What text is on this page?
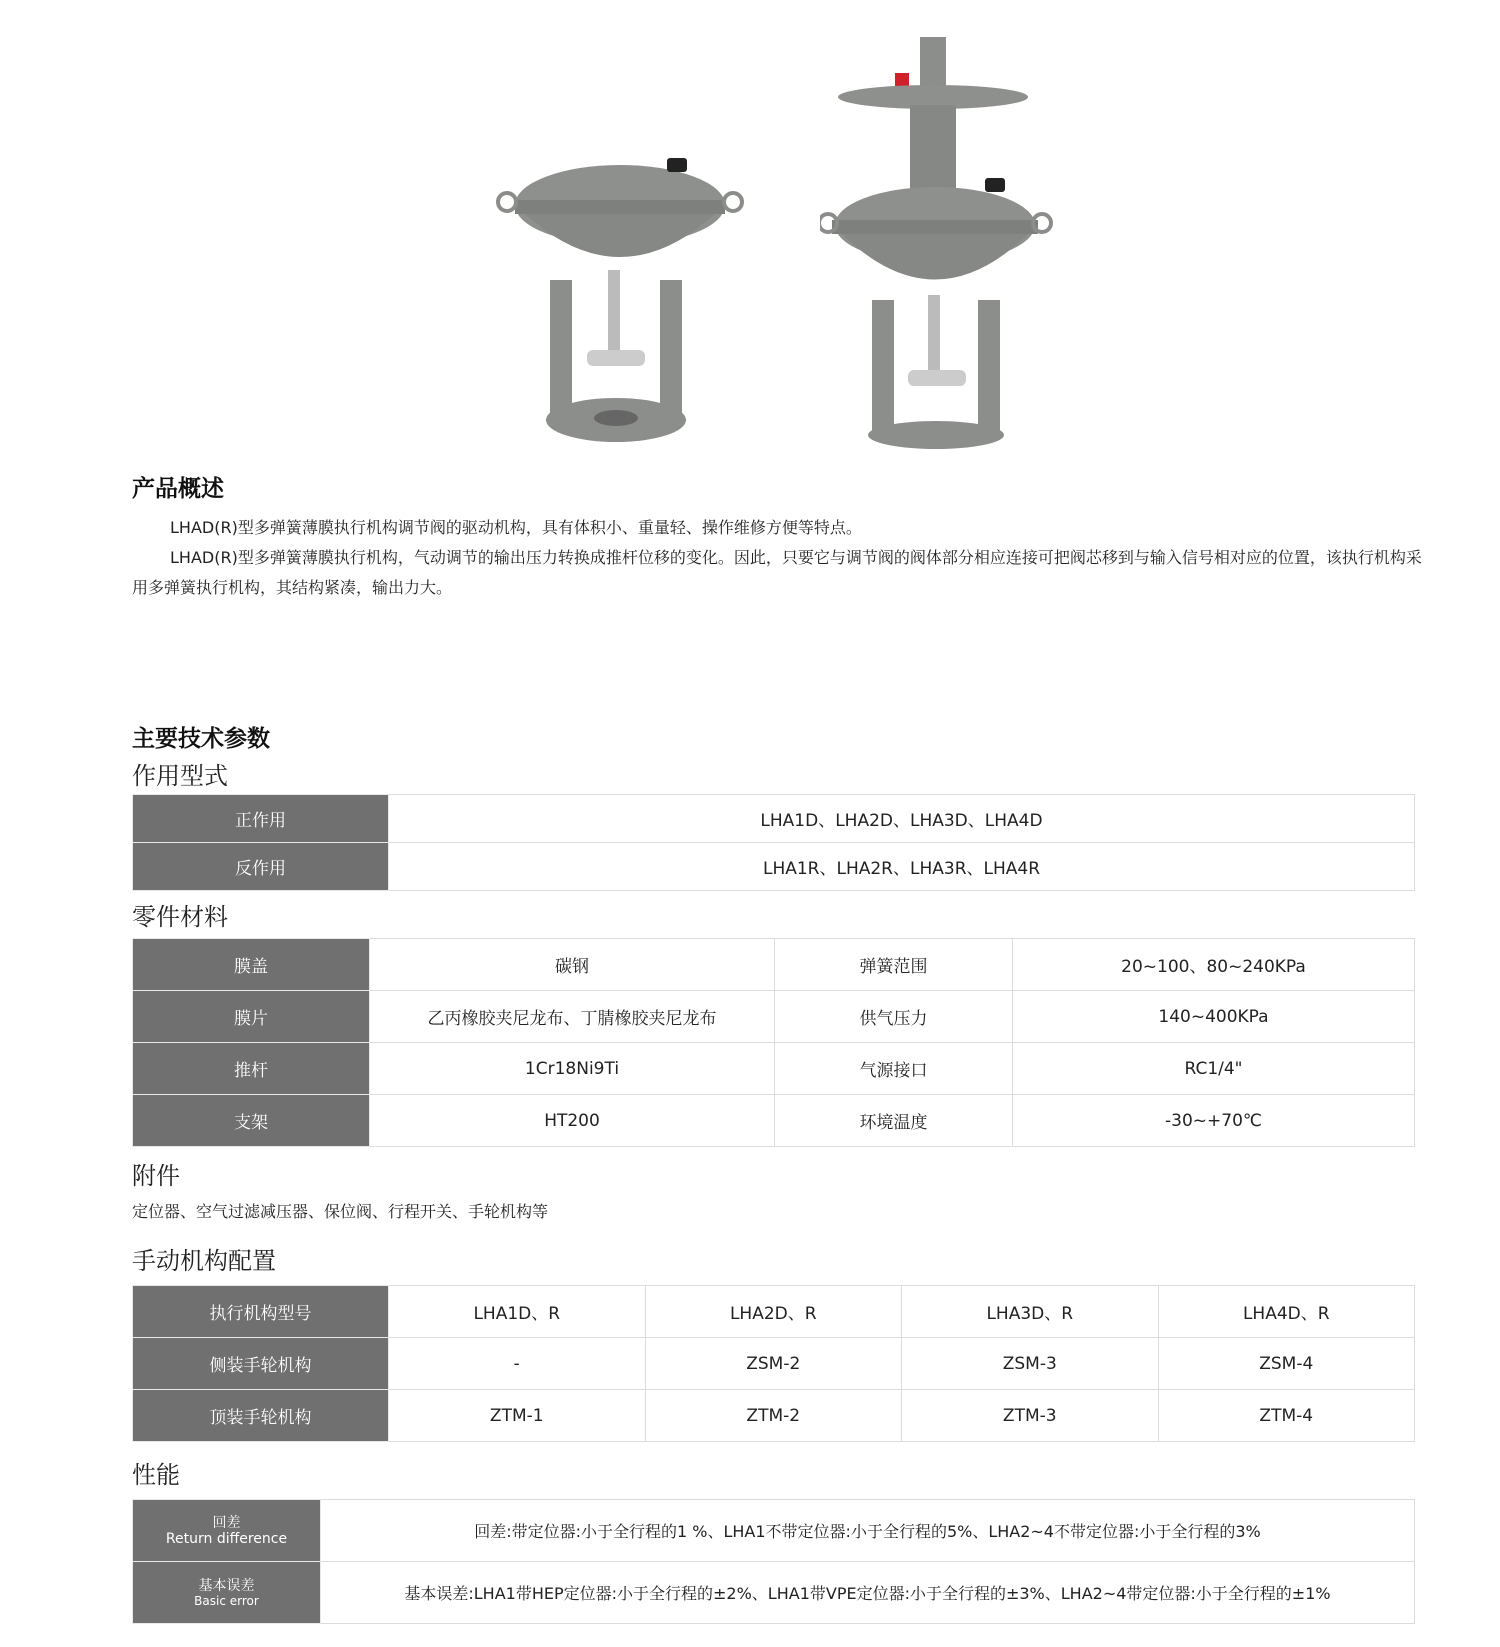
产品概述
LHAD(R)型多弹簧薄膜执行机构调节阀的驱动机构，具有体积小、重量轻、操作维修方便等特点。
LHAD(R)型多弹簧薄膜执行机构，气动调节的输出压力转换成推杆位移的变化。因此，只要它与调节阀的阀体部分相应连接可把阀芯移到与输入信号相对应的位置，该执行机构采用多弹簧执行机构，其结构紧凑，输出力大。
主要技术参数
作用型式
正作用	LHA1D、LHA2D、LHA3D、LHA4D
反作用	LHA1R、LHA2R、LHA3R、LHA4R
零件材料
膜盖	碳钢	弹簧范围	20~100、80~240KPa
膜片	乙丙橡胶夹尼龙布、丁腈橡胶夹尼龙布	供气压力	140~400KPa
推杆	1Cr18Ni9Ti	气源接口	RC1/4"
支架	HT200	环境温度	-30~+70℃
附件
定位器、空气过滤减压器、保位阀、行程开关、手轮机构等
手动机构配置
执行机构型号	LHA1D、R	LHA2D、R	LHA3D、R	LHA4D、R
侧装手轮机构	-	ZSM-2	ZSM-3	ZSM-4
顶装手轮机构	ZTM-1	ZTM-2	ZTM-3	ZTM-4
性能
回差
Return difference	回差:带定位器:小于全行程的1 %、LHA1不带定位器:小于全行程的5%、LHA2~4不带定位器:小于全行程的3%

基本误差
Basic error	基本误差:LHA1带HEP定位器:小于全行程的±2%、LHA1带VPE定位器:小于全行程的±3%、LHA2~4带定位器:小于全行程的±1%
